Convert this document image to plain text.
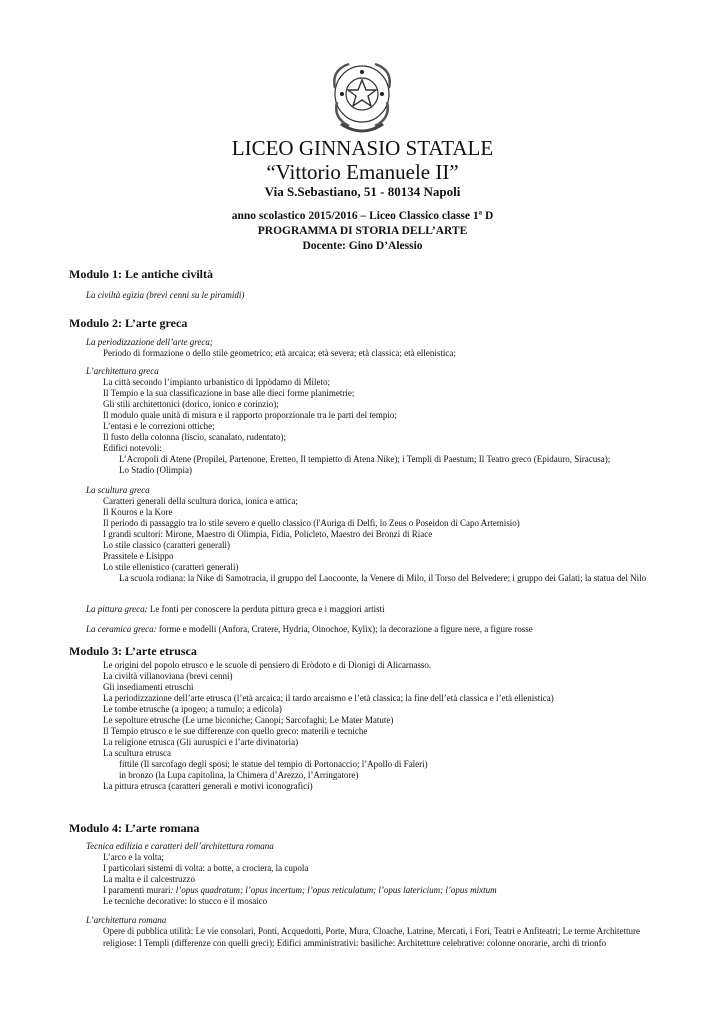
LICEO GINNASIO STATALE
“Vittorio Emanuele II”
Via S.Sebastiano, 51 - 80134 Napoli
anno scolastico 2015/2016 – Liceo Classico classe 1ª D
PROGRAMMA DI STORIA DELL’ARTE
Docente: Gino D’Alessio
Modulo 1: Le antiche civiltà
La civiltà egizia (brevi cenni su le piramidi)
Modulo 2: L’arte greca
La periodizzazione dell’arte greca;
Periodo di formazione o dello stile geometrico; età arcaica; età severa; età classica; età ellenistica;
L’architettura greca
La città secondo l’impianto urbanistico di Ippòdamo di Mileto;
Il Tempio e la sua classificazione in base alle dieci forme planimetrie;
Gli stili architettonici (dorico, ionico e corinzio);
Il modulo quale unità di misura e il rapporto proporzionale tra le parti del tempio;
L’entasi e le correzioni ottiche;
Il fusto della colonna (liscio, scanalato, rudentato);
Edifici notevoli:
L’Acropoli di Atene (Propilei, Partenone, Eretteo, Il tempietto di Atena Nike); i Templi di Paestum; Il Teatro greco (Epidauro, Siracusa);
Lo Stadio (Olimpia)
La scultura greca
Caratteri generali della scultura dorica, ionica e attica;
Il Kouros e la Kore
Il periodo di passaggio tra lo stile severo e quello classico (l'Auriga di Delfi, lo Zeus o Poseidon di Capo Artemisio)
I grandi scultori: Mirone, Maestro di Olimpia, Fidia, Policleto, Maestro dei Bronzi di Riace
Lo stile classico (caratteri generali)
Prassitele e Lisippo
Lo stile ellenistico (caratteri generali)
La scuola rodiana: la Nike di Samotracia, il gruppo del Laocoonte, la Venere di Milo, il Torso del Belvedere; i gruppo dei Galati; la statua del Nilo
La pittura greca: Le fonti per conoscere la perduta pittura greca e i maggiori artisti
La ceramica greca: forme e modelli (Anfora, Cratere, Hydria, Oinochoe, Kylix); la decorazione a figure nere, a figure rosse
Modulo 3: L’arte etrusca
Le origini del popolo etrusco e le scuole di pensiero di Eròdoto e di Dionigi di Alicarnasso.
La civiltà villanoviana (brevi cenni)
Gli insediamenti etruschi
La periodizzazione dell’arte etrusca (l’età arcaica; il tardo arcaismo e l’età classica; la fine dell’età classica e l’età ellenistica)
Le tombe etrusche (a ipogeo; a tumulo; a edicola)
Le sepolture etrusche (Le urne biconiche; Canopi; Sarcofaghi; Le Mater Matute)
Il Tempio etrusco e le sue differenze con quello greco: materili e tecniche
La religione etrusca (Gli auruspici e l’arte divinatoria)
La scultura etrusca
fittile (Il sarcofago degli sposi; le statue del tempio di Portonaccio; l’Apollo di Faleri)
in bronzo (la Lupa capitolina, la Chimera d’Arezzo, l’Arringatore)
La pittura etrusca (caratteri generali e motivi iconografici)
Modulo 4: L’arte romana
Tecnica edilizia e caratteri dell’architettura romana
L’arco e la volta;
I particolari sistemi di volta: a botte, a crociera, la cupola
La malta e il calcestruzzo
I paramenti murari: l’opus quadratum; l’opus incertum; l’opus reticulatum; l’opus latericium; l’opus mixtum
Le tecniche decorative: lo stucco e il mosaico
L’architettura romana
Opere di pubblica utilità: Le vie consolari, Ponti, Acquedotti, Porte, Mura, Cloache, Latrine, Mercati, i Fori, Teatri e Anfiteatri; Le terme Architetture religiose: I Templi (differenze con quelli greci); Edifici amministrativi: basiliche: Architetture celebrative: colonne onorarie, archi di trionfo
